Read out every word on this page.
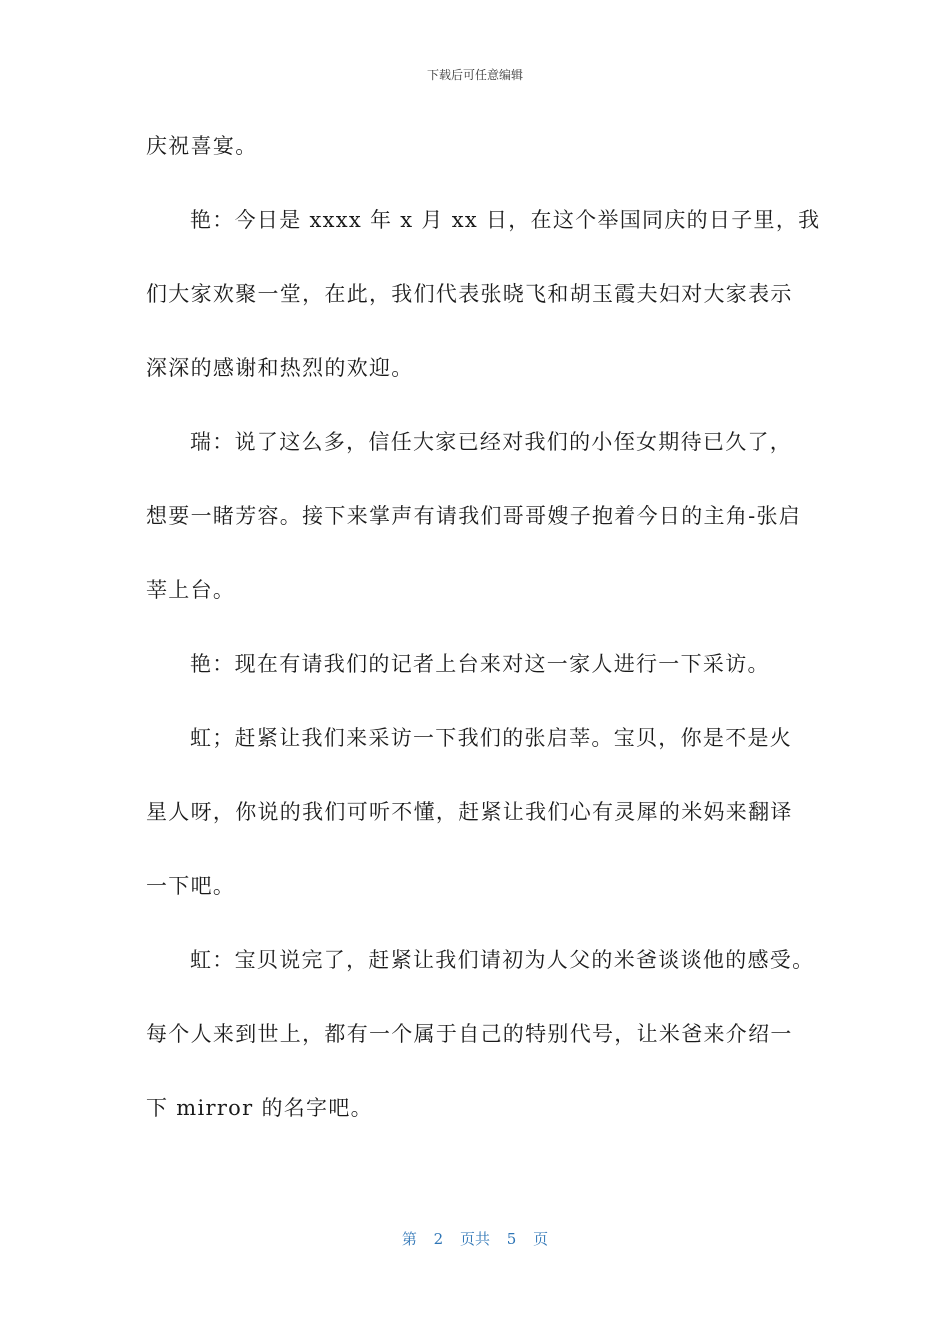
下载后可任意编辑
庆祝喜宴。
艳：今日是 xxxx 年 x 月 xx 日，在这个举国同庆的日子里，我
们大家欢聚一堂，在此，我们代表张晓飞和胡玉霞夫妇对大家表示
深深的感谢和热烈的欢迎。
瑞：说了这么多，信任大家已经对我们的小侄女期待已久了，
想要一睹芳容。接下来掌声有请我们哥哥嫂子抱着今日的主角-张启
莘上台。
艳：现在有请我们的记者上台来对这一家人进行一下采访。
虹；赶紧让我们来采访一下我们的张启莘。宝贝，你是不是火
星人呀，你说的我们可听不懂，赶紧让我们心有灵犀的米妈来翻译
一下吧。
虹：宝贝说完了，赶紧让我们请初为人父的米爸谈谈他的感受。
每个人来到世上，都有一个属于自己的特别代号，让米爸来介绍一
下 mirror 的名字吧。
第 2 页共 5 页
